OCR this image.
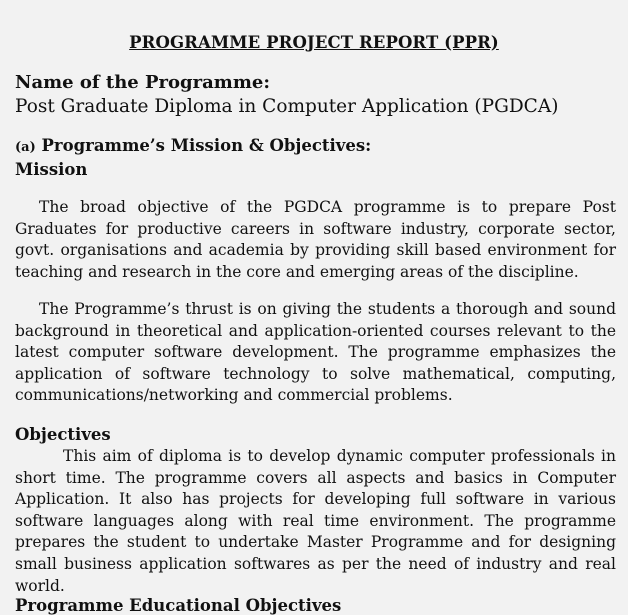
PROGRAMME PROJECT REPORT (PPR)
Name of the Programme:
Post Graduate Diploma in Computer Application (PGDCA)
(a) Programme’s Mission & Objectives:
Mission
The broad objective of the PGDCA programme is to prepare Post Graduates for productive careers in software industry, corporate sector, govt. organisations and academia by providing skill based environment for teaching and research in the core and emerging areas of the discipline.
The Programme’s thrust is on giving the students a thorough and sound background in theoretical and application-oriented courses relevant to the latest computer software development. The programme emphasizes the application of software technology to solve mathematical, computing, communications/networking and commercial problems.
Objectives
This aim of diploma is to develop dynamic computer professionals in short time. The programme covers all aspects and basics in Computer Application. It also has projects for developing full software in various software languages along with real time environment. The programme prepares the student to undertake Master Programme and for designing small business application softwares as per the need of industry and real world.
Programme Educational Objectives
